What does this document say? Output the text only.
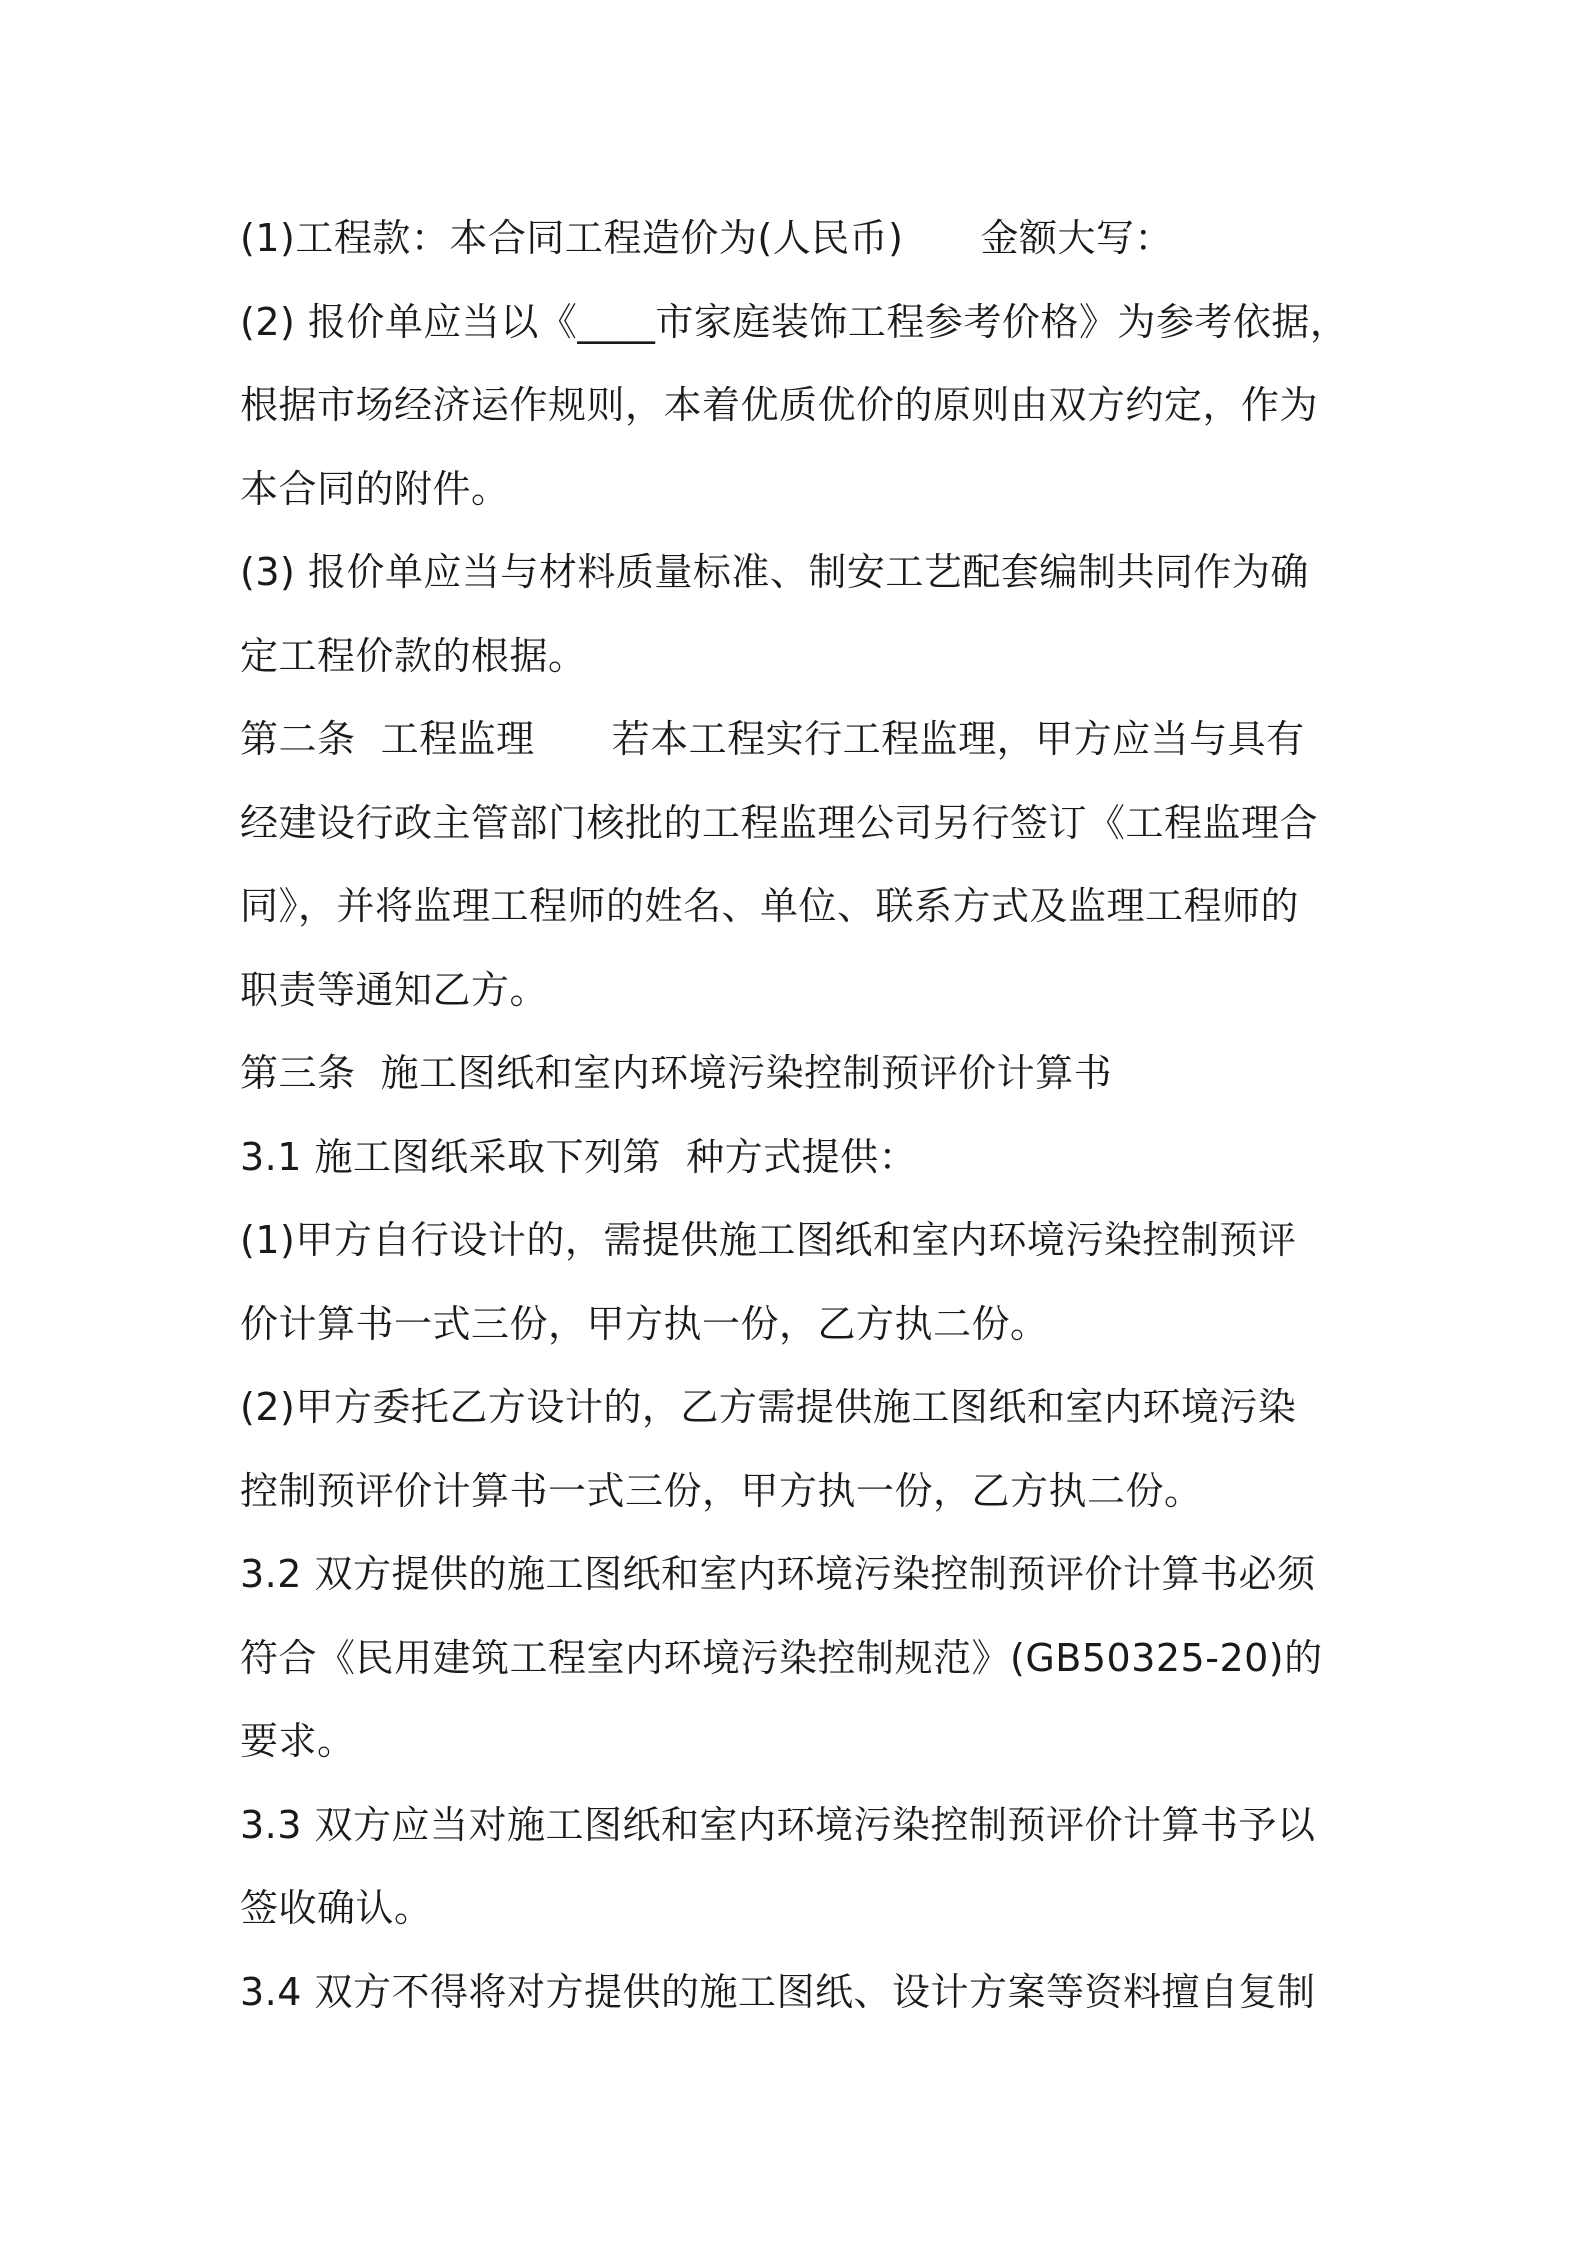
(1)工程款：本合同工程造价为(人民币)　　金额大写：
(2) 报价单应当以《____市家庭装饰工程参考价格》为参考依据，
根据市场经济运作规则，本着优质优价的原则由双方约定，作为
本合同的附件。
(3) 报价单应当与材料质量标准、制安工艺配套编制共同作为确
定工程价款的根据。
第二条  工程监理　　若本工程实行工程监理，甲方应当与具有
经建设行政主管部门核批的工程监理公司另行签订《工程监理合
同》，并将监理工程师的姓名、单位、联系方式及监理工程师的
职责等通知乙方。
第三条  施工图纸和室内环境污染控制预评价计算书
3.1 施工图纸采取下列第  种方式提供：
(1)甲方自行设计的，需提供施工图纸和室内环境污染控制预评
价计算书一式三份，甲方执一份，乙方执二份。
(2)甲方委托乙方设计的，乙方需提供施工图纸和室内环境污染
控制预评价计算书一式三份，甲方执一份，乙方执二份。
3.2 双方提供的施工图纸和室内环境污染控制预评价计算书必须
符合《民用建筑工程室内环境污染控制规范》(GB50325-20)的
要求。
3.3 双方应当对施工图纸和室内环境污染控制预评价计算书予以
签收确认。
3.4 双方不得将对方提供的施工图纸、设计方案等资料擅自复制
